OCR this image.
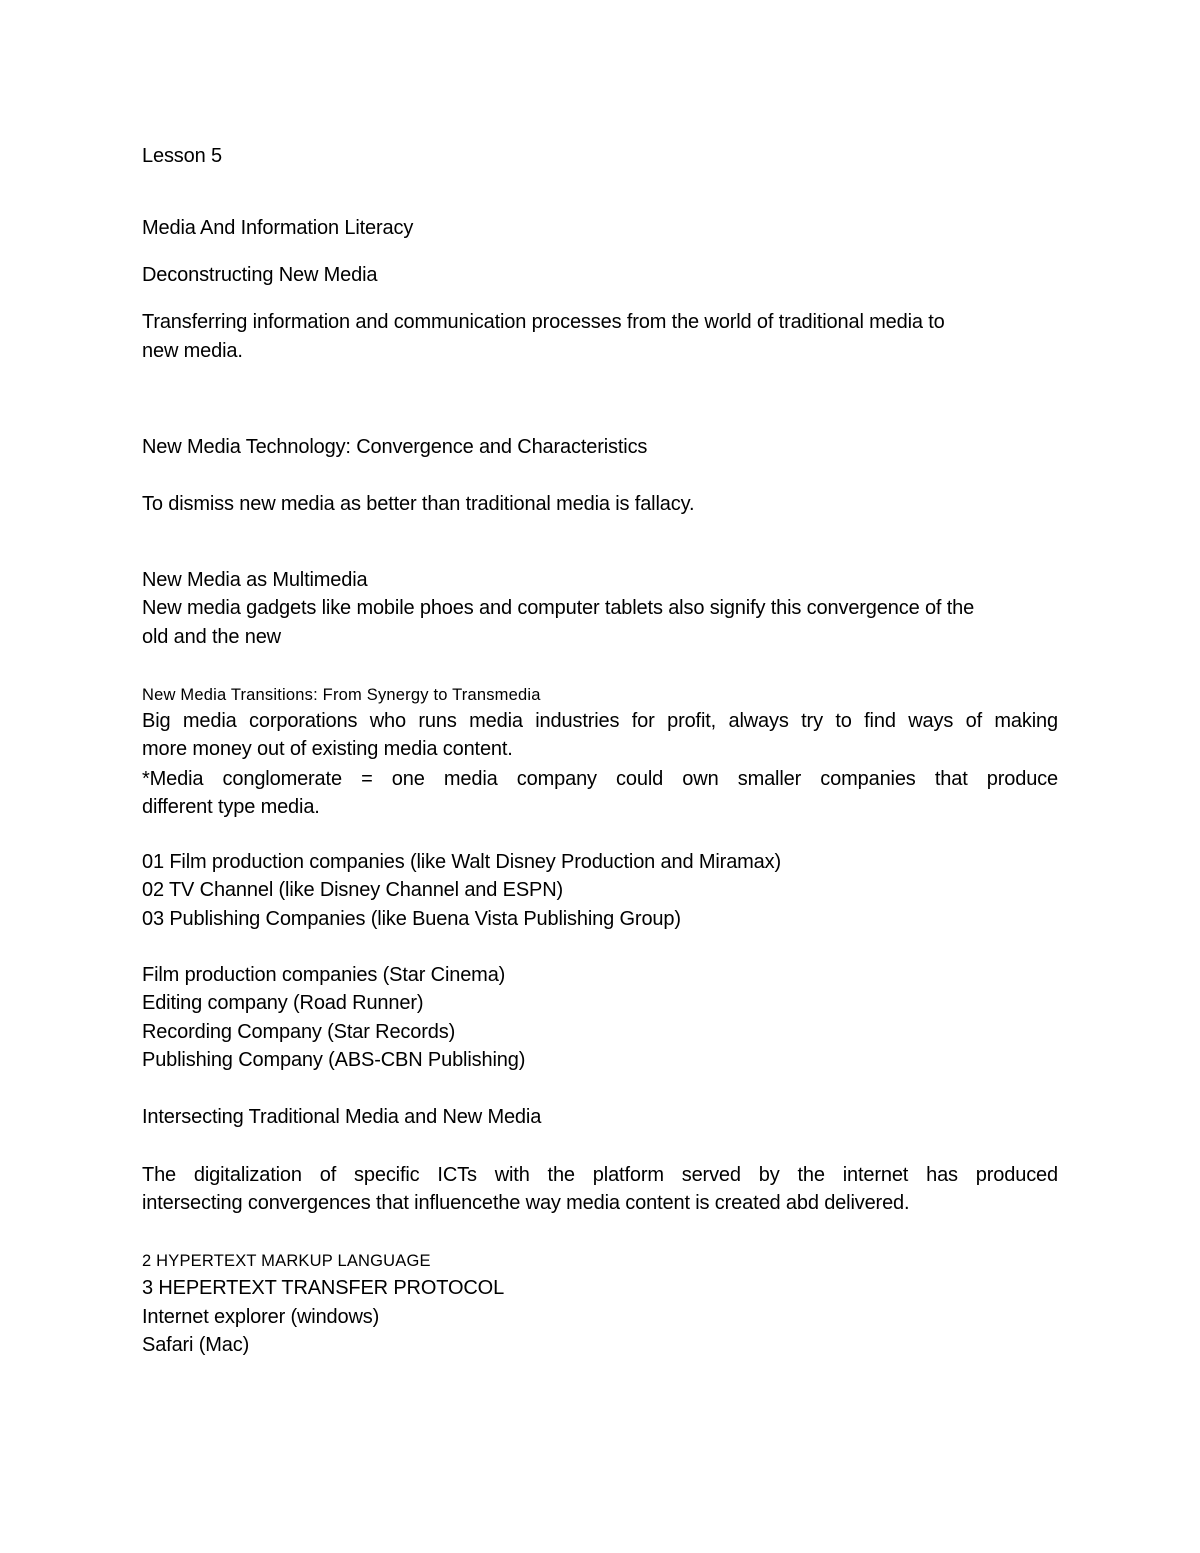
Lesson 5

Media And Information Literacy

Deconstructing New Media

Transferring information and communication processes from the world of traditional media to

new media.

New Media Technology: Convergence and Characteristics

To dismiss new media as better than traditional media is fallacy.

New Media as Multimedia

New media gadgets like mobile phoes and computer tablets also signify this convergence of the

old and the new

New Media Transitions: From Synergy to Transmedia

Big media corporations who runs media industries for profit, always try to find ways of making

more money out of existing media content.

*Media conglomerate = one media company could own smaller companies that produce

different type media.

01 Film production companies (like Walt Disney Production and Miramax)

02 TV Channel (like Disney Channel and ESPN)

03 Publishing Companies (like Buena Vista Publishing Group)

Film production companies (Star Cinema)

Editing company (Road Runner)

Recording Company (Star Records)

Publishing Company (ABS-CBN Publishing)

Intersecting Traditional Media and New Media

The digitalization of specific ICTs with the platform served by the internet has produced

intersecting convergences that influencethe way media content is created abd delivered.

2 HYPERTEXT MARKUP LANGUAGE

3 HEPERTEXT TRANSFER PROTOCOL

Internet explorer (windows)

Safari (Mac)
